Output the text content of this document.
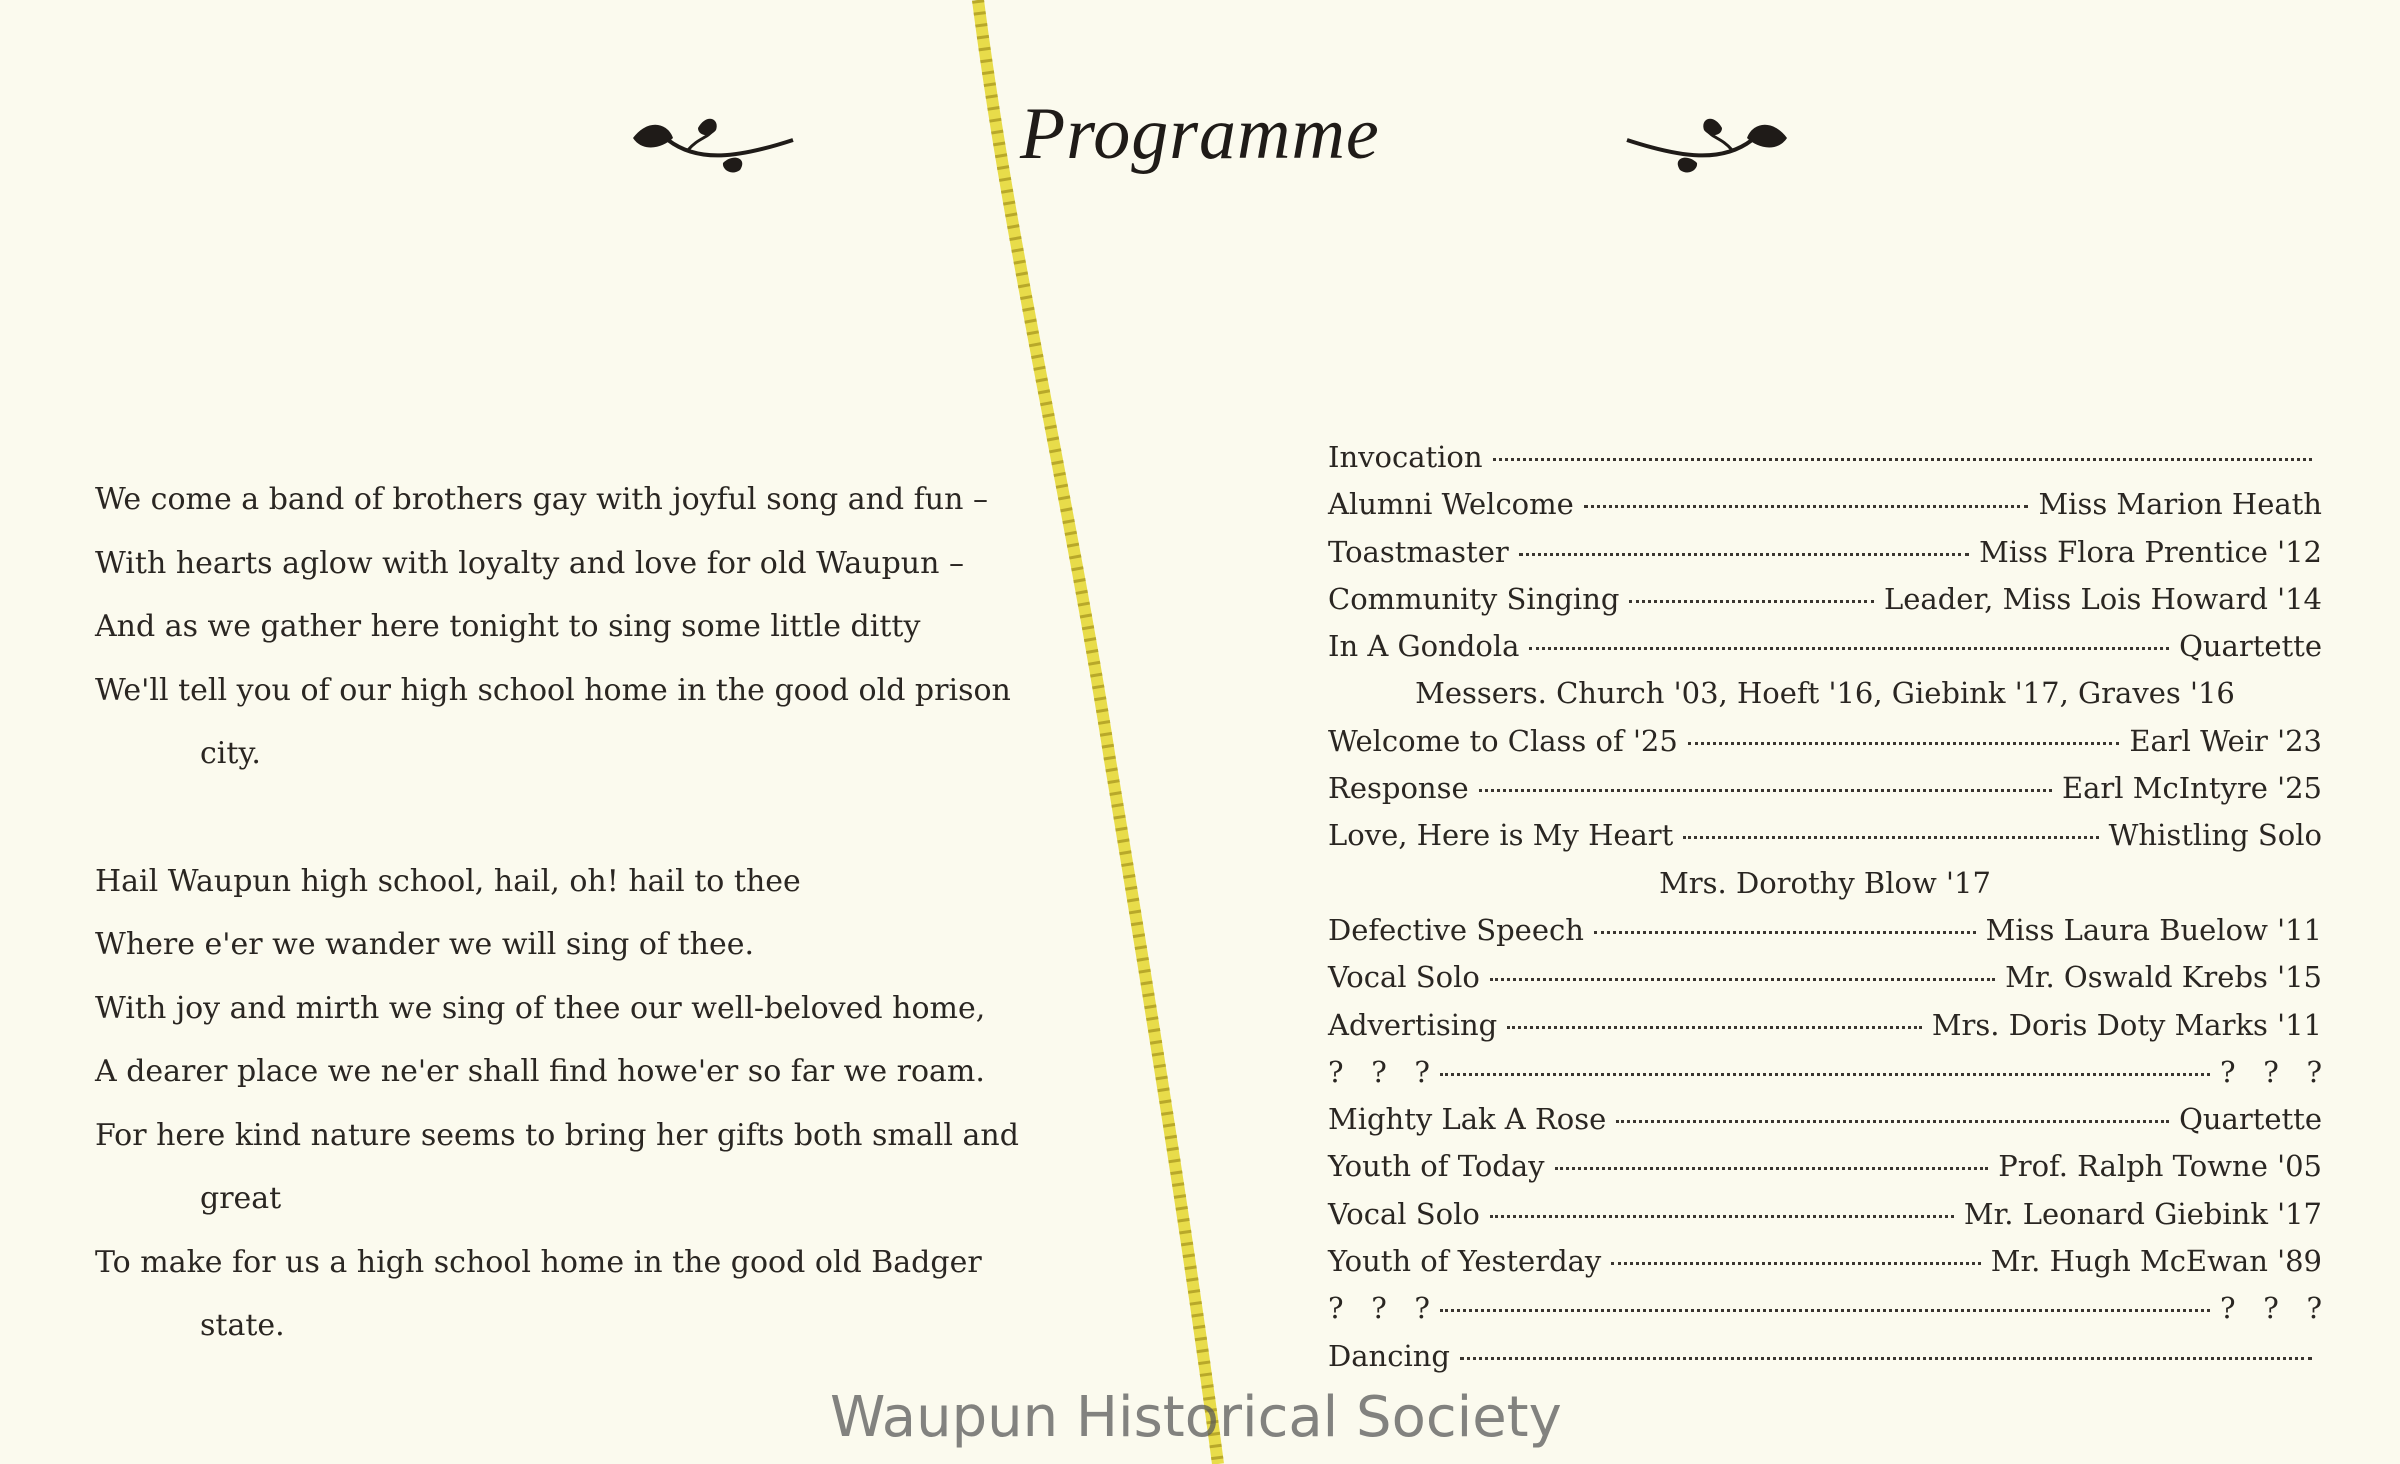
Programme
We come a band of brothers gay with joyful song and fun –
With hearts aglow with loyalty and love for old Waupun –
And as we gather here tonight to sing some little ditty
We'll tell you of our high school home in the good old prison
city.
Hail Waupun high school, hail, oh! hail to thee
Where e'er we wander we will sing of thee.
With joy and mirth we sing of thee our well-beloved home,
A dearer place we ne'er shall find howe'er so far we roam.
For here kind nature seems to bring her gifts both small and
great
To make for us a high school home in the good old Badger
state.
Invocation
Alumni Welcome	Miss Marion Heath
Toastmaster	Miss Flora Prentice '12
Community Singing	Leader, Miss Lois Howard '14
In A Gondola	Quartette
Messers. Church '03, Hoeft '16, Giebink '17, Graves '16
Welcome to Class of '25	Earl Weir '23
Response	Earl McIntyre '25
Love, Here is My Heart	Whistling Solo
Mrs. Dorothy Blow '17
Defective Speech	Miss Laura Buelow '11
Vocal Solo	Mr. Oswald Krebs '15
Advertising	Mrs. Doris Doty Marks '11
?   ?   ?	?   ?   ?
Mighty Lak A Rose	Quartette
Youth of Today	Prof. Ralph Towne '05
Vocal Solo	Mr. Leonard Giebink '17
Youth of Yesterday	Mr. Hugh McEwan '89
?   ?   ?	?   ?   ?
Dancing
Waupun Historical Society
